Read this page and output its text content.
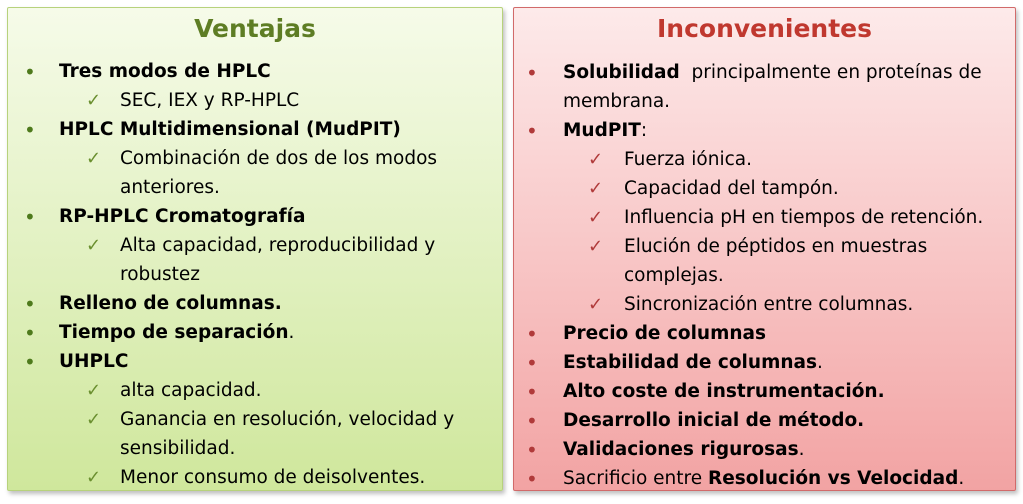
Ventajas
• Tres modos de HPLC
✓ SEC, IEX y RP-HPLC
• HPLC Multidimensional (MudPIT)
✓ Combinación de dos de los modos
anteriores.
• RP-HPLC Cromatografía
✓ Alta capacidad, reproducibilidad y
robustez
• Relleno de columnas.
• Tiempo de separación.
• UHPLC
✓ alta capacidad.
✓ Ganancia en resolución, velocidad y
sensibilidad.
✓ Menor consumo de deisolventes.
Inconvenientes
• Solubilidad  principalmente en proteínas de
membrana.
• MudPIT:
✓ Fuerza iónica.
✓ Capacidad del tampón.
✓ Influencia pH en tiempos de retención.
✓ Elución de péptidos en muestras
complejas.
✓ Sincronización entre columnas.
• Precio de columnas
• Estabilidad de columnas.
• Alto coste de instrumentación.
• Desarrollo inicial de método.
• Validaciones rigurosas.
• Sacrificio entre Resolución vs Velocidad.
